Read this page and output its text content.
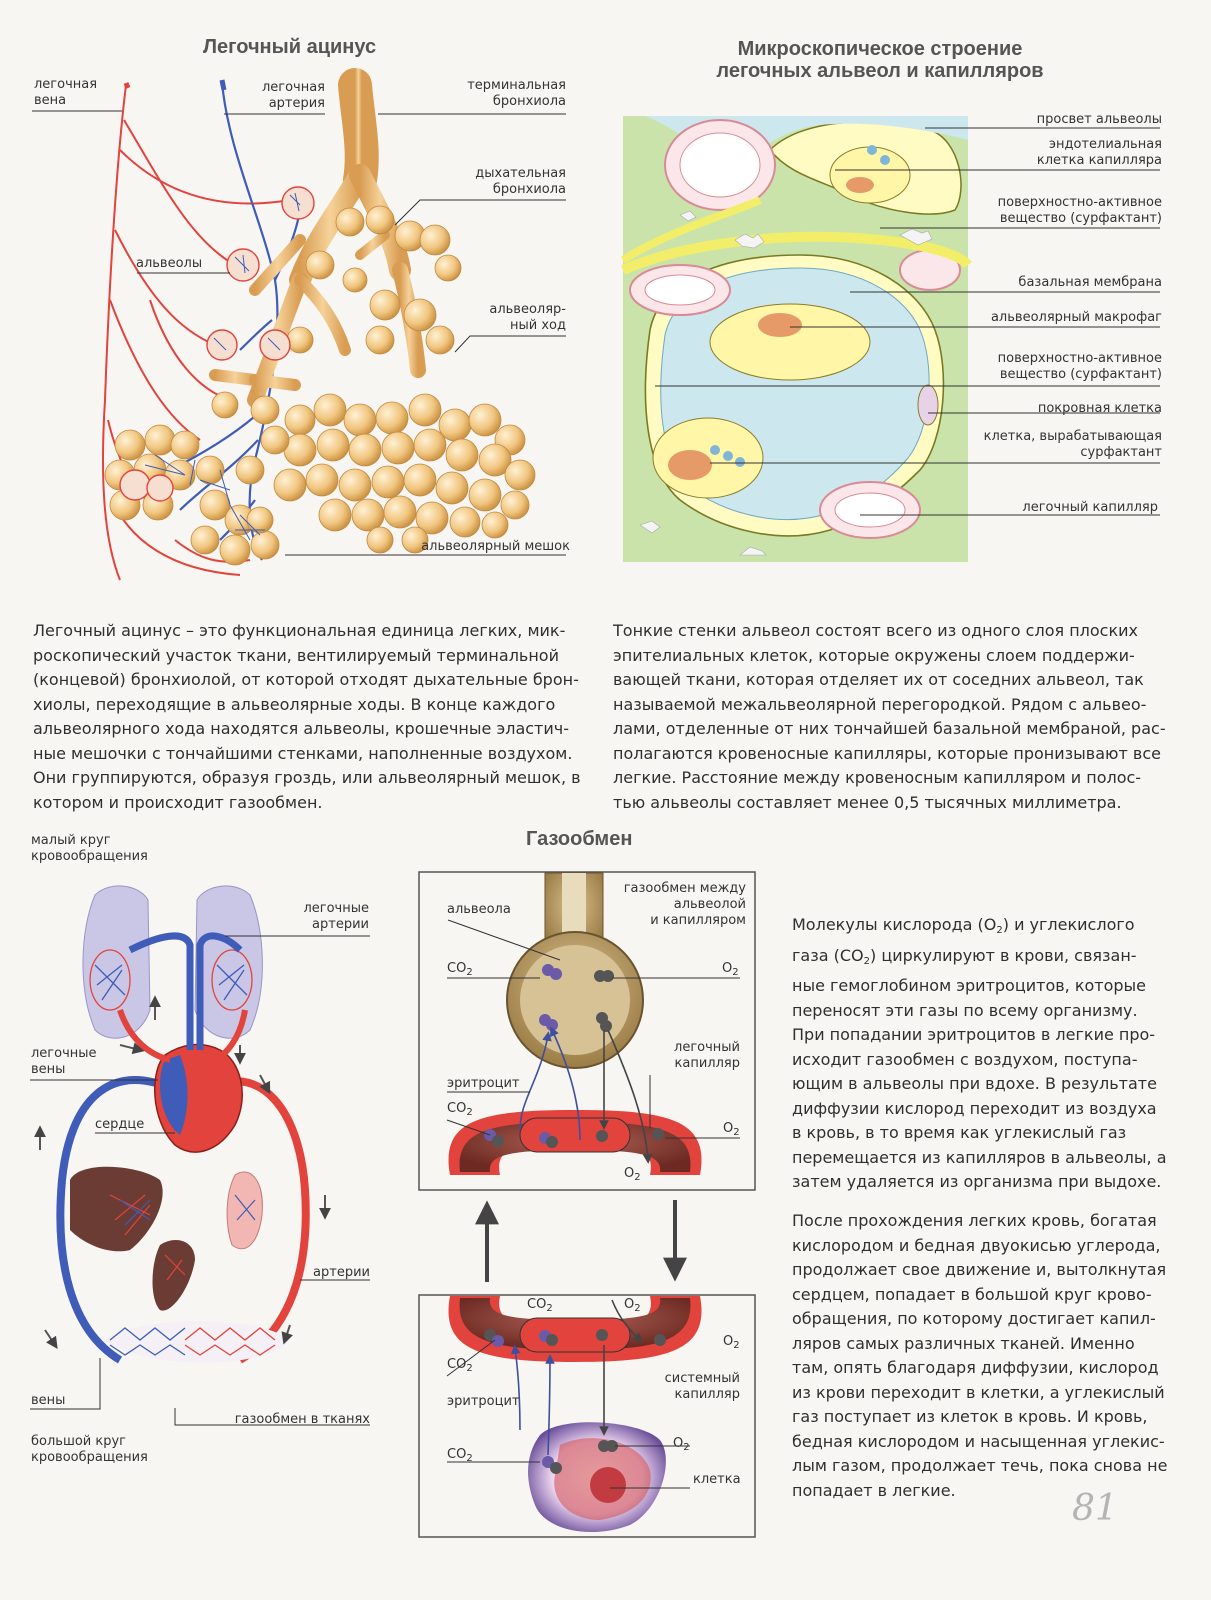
Легочный ацинус
легочная
вена
легочная
артерия
терминальная
бронхиола
дыхательная
бронхиола
альвеолы
альвеоляр-
ный ход
альвеолярный мешок
Микроскопическое строение
легочных альвеол и капилляров
просвет альвеолы
эндотелиальная
клетка капилляра
поверхностно-активное
вещество (сурфактант)
базальная мембрана
альвеолярный макрофаг
поверхностно-активное
вещество (сурфактант)
покровная клетка
клетка, вырабатывающая
сурфактант
легочный капилляр
Легочный ацинус – это функциональная единица легких, мик-
роскопический участок ткани, вентилируемый терминальной
(концевой) бронхиолой, от которой отходят дыхательные брон-
хиолы, переходящие в альвеолярные ходы. В конце каждого
альвеолярного хода находятся альвеолы, крошечные эластич-
ные мешочки с тончайшими стенками, наполненные воздухом.
Они группируются, образуя гроздь, или альвеолярный мешок, в
котором и происходит газообмен.
Тонкие стенки альвеол состоят всего из одного слоя плоских
эпителиальных клеток, которые окружены слоем поддержи-
вающей ткани, которая отделяет их от соседних альвеол, так
называемой межальвеолярной перегородкой. Рядом с альвео-
лами, отделенные от них тончайшей базальной мембраной, рас-
полагаются кровеносные капилляры, которые пронизывают все
легкие. Расстояние между кровеносным капилляром и полос-
тью альвеолы составляет менее 0,5 тысячных миллиметра.
Газообмен
малый круг
кровообращения
легочные
артерии
легочные
вены
сердце
артерии
вены
большой круг
кровообращения
газообмен в тканях
газообмен между
альвеолой
и капилляром
альвеола
$CO_2$	$O_2$
легочный
капилляр
эритроцит
$CO_2$
$O_2$
$O_2$
$CO_2$	$O_2$
$O_2$
$CO_2$
системный
капилляр
эритроцит
$CO_2$
$O_2$
клетка
Молекулы кислорода $(O_2)$ и углекислого
газа $(CO_2)$ циркулируют в крови, связан-
ные гемоглобином эритроцитов, которые
переносят эти газы по всему организму.
При попадании эритроцитов в легкие про-
исходит газообмен с воздухом, поступа-
ющим в альвеолы при вдохе. В результате
диффузии кислород переходит из воздуха
в кровь, в то время как углекислый газ
перемещается из капилляров в альвеолы, а
затем удаляется из организма при выдохе.
После прохождения легких кровь, богатая
кислородом и бедная двуокисью углерода,
продолжает свое движение и, вытолкнутая
сердцем, попадает в большой круг крово-
обращения, по которому достигает капил-
ляров самых различных тканей. Именно
там, опять благодаря диффузии, кислород
из крови переходит в клетки, а углекислый
газ поступает из клеток в кровь. И кровь,
бедная кислородом и насыщенная углекис-
лым газом, продолжает течь, пока снова не
попадает в легкие.	81
